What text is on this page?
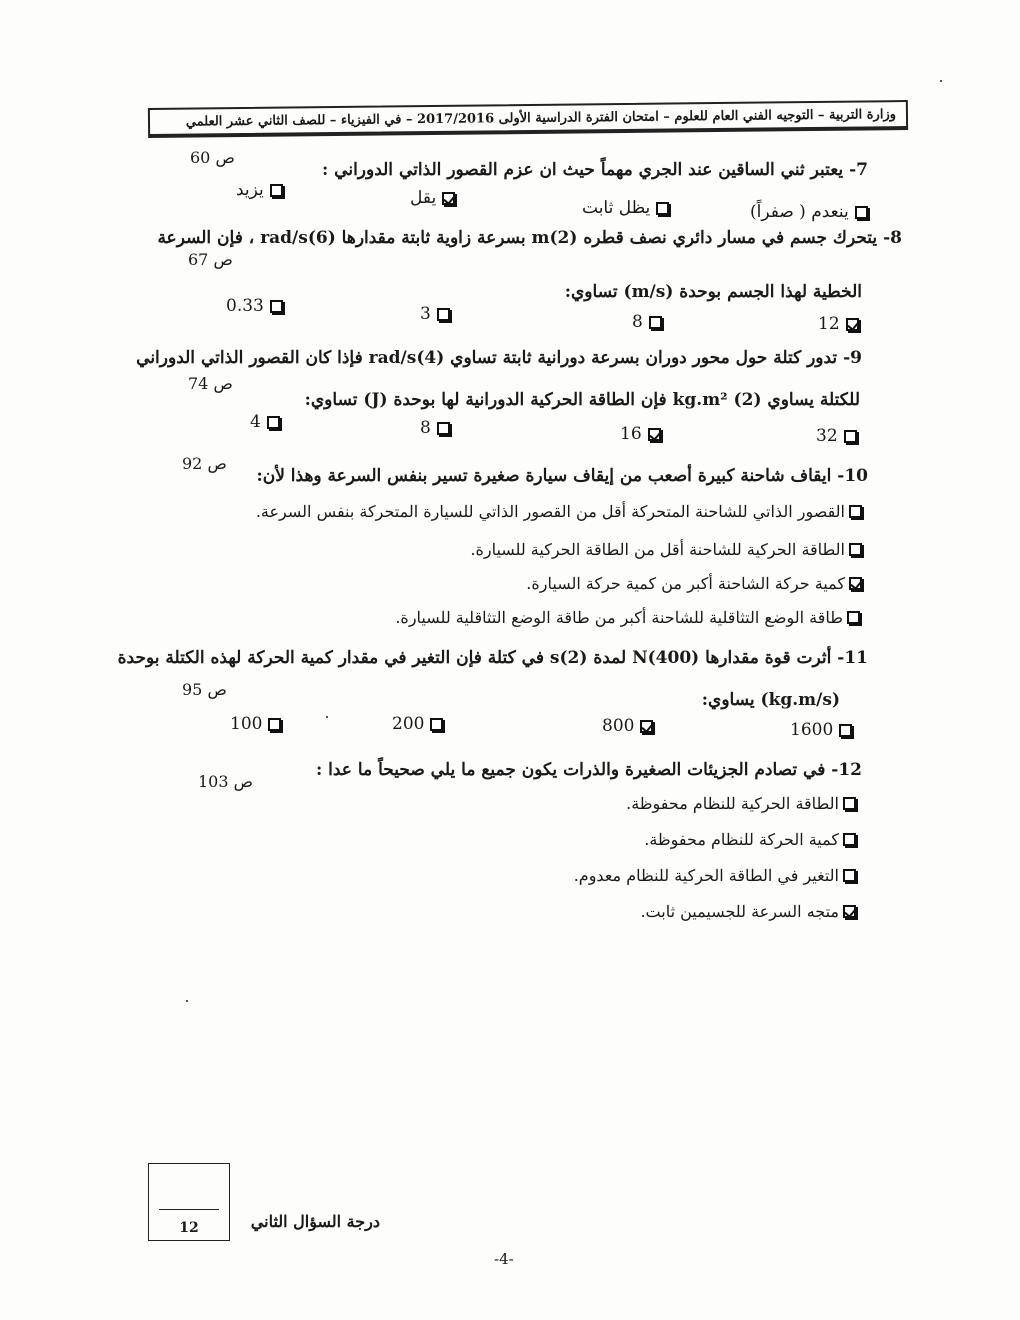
وزارة التربية – التوجيه الفني العام للعلوم – امتحان الفترة الدراسية الأولى 2017/2016 – في الفيزياء – للصف الثاني عشر العلمي
ص 60
7- يعتبر ثني الساقين عند الجري مهماً حيث ان عزم القصور الذاتي الدوراني :
يزيد	يقل	يظل ثابت	ينعدم ( صفراً)
8- يتحرك جسم في مسار دائري نصف قطره (2)m بسرعة زاوية ثابتة مقدارها (6)rad/s ، فإن السرعة
ص 67
الخطية لهذا الجسم بوحدة (m/s) تساوي:
0.33	3	8	12
9- تدور كتلة حول محور دوران بسرعة دورانية ثابتة تساوي (4)rad/s فإذا كان القصور الذاتي الدوراني
ص 74
للكتلة يساوي (2) kg.m² فإن الطاقة الحركية الدورانية لها بوحدة (J) تساوي:
4	8	16	32
ص 92
10- ايقاف شاحنة كبيرة أصعب من إيقاف سيارة صغيرة تسير بنفس السرعة وهذا لأن:
القصور الذاتي للشاحنة المتحركة أقل من القصور الذاتي للسيارة المتحركة بنفس السرعة.
الطاقة الحركية للشاحنة أقل من الطاقة الحركية للسيارة.
كمية حركة الشاحنة أكبر من كمية حركة السيارة.
طاقة الوضع التثاقلية للشاحنة أكبر من طاقة الوضع التثاقلية للسيارة.
11- أثرت قوة مقدارها (400)N لمدة (2)s في كتلة فإن التغير في مقدار كمية الحركة لهذه الكتلة بوحدة
ص 95
(kg.m/s) يساوي:
100	200	800	1600
12- في تصادم الجزيئات الصغيرة والذرات يكون جميع ما يلي صحيحاً ما عدا :
ص 103
الطاقة الحركية للنظام محفوظة.
كمية الحركة للنظام محفوظة.
التغير في الطاقة الحركية للنظام معدوم.
متجه السرعة للجسيمين ثابت.
12	درجة السؤال الثاني
-4-
